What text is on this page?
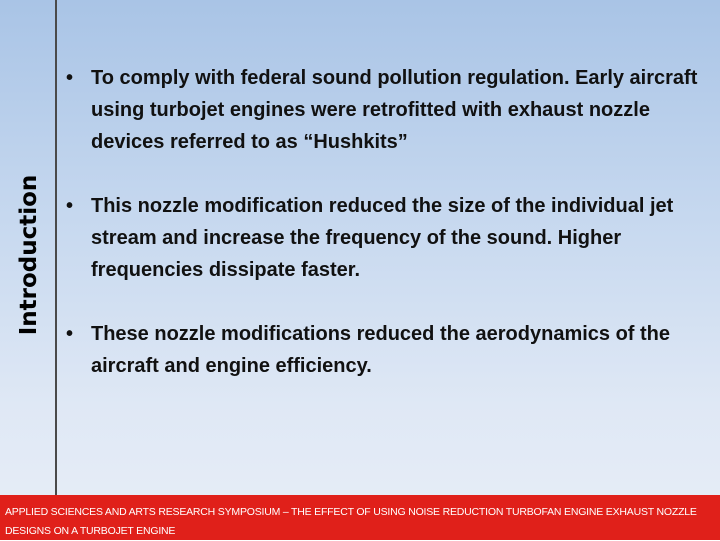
Introduction

• To comply with federal sound pollution regulation. Early aircraft using turbojet engines were retrofitted with exhaust nozzle devices referred to as “Hushkits”

• This nozzle modification reduced the size of the individual jet stream and increase the frequency of the sound. Higher frequencies dissipate faster.

• These nozzle modifications reduced the aerodynamics of the aircraft and engine efficiency.

APPLIED SCIENCES AND ARTS RESEARCH SYMPOSIUM – THE EFFECT OF USING NOISE REDUCTION TURBOFAN ENGINE EXHAUST NOZZLE DESIGNS ON A TURBOJET ENGINE
